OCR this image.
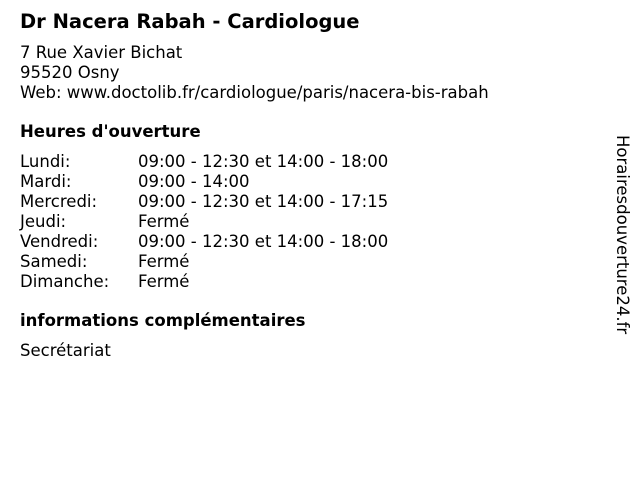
Dr Nacera Rabah - Cardiologue
7 Rue Xavier Bichat
95520 Osny
Web: www.doctolib.fr/cardiologue/paris/nacera-bis-rabah
Heures d'ouverture
Lundi:	09:00 - 12:30 et 14:00 - 18:00
Mardi:	09:00 - 14:00
Mercredi:	09:00 - 12:30 et 14:00 - 17:15
Jeudi:	Fermé
Vendredi:	09:00 - 12:30 et 14:00 - 18:00
Samedi:	Fermé
Dimanche:	Fermé
informations complémentaires
Secrétariat
Horairesdouverture24.fr
